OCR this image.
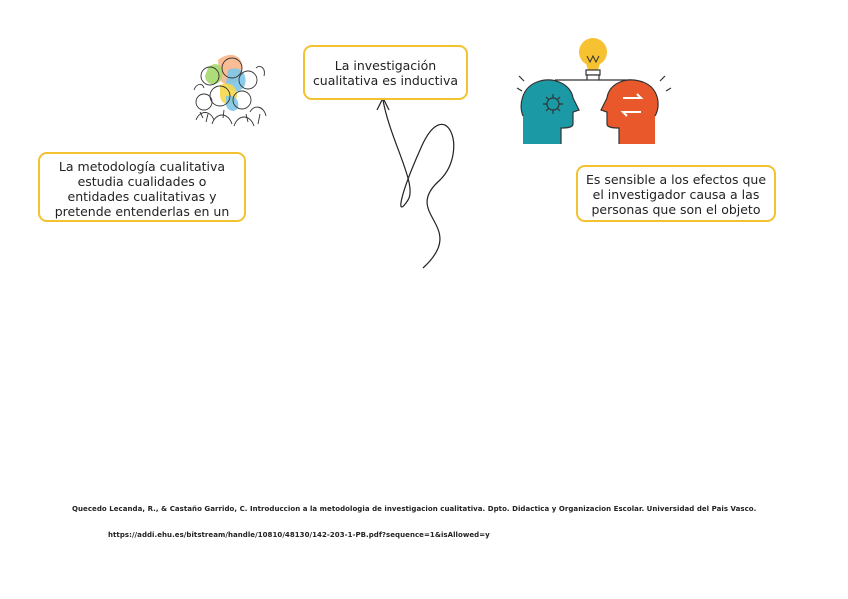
La metodología cualitativa
estudia cualidades o
entidades cualitativas y
pretende entenderlas en un
La investigación
cualitativa es inductiva
Es sensible a los efectos que
el investigador causa a las
personas que son el objeto
Quecedo Lecanda, R., & Castaño Garrido, C. Introduccion a la metodologia de investigacion cualitativa. Dpto. Didactica y Organizacion Escolar. Universidad del Pais Vasco.
https://addi.ehu.es/bitstream/handle/10810/48130/142-203-1-PB.pdf?sequence=1&isAllowed=y
